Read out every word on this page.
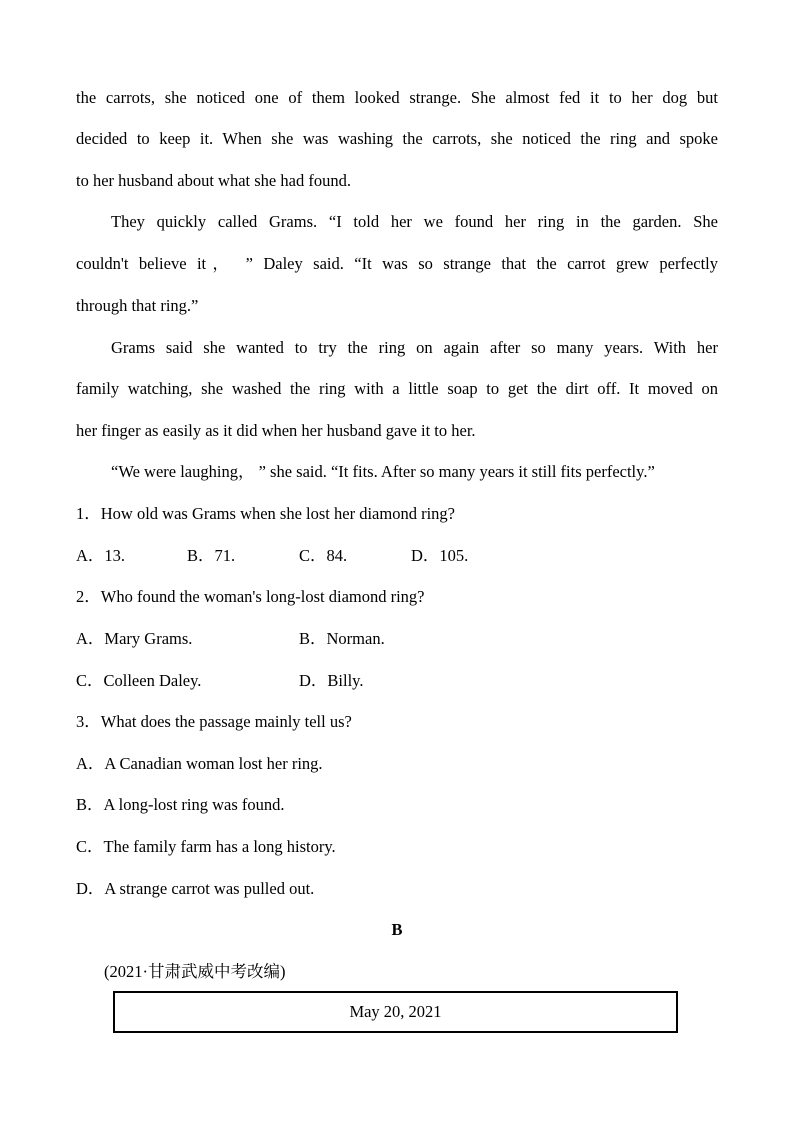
the carrots, she noticed one of them looked strange. She almost fed it to her dog but
decided to keep it. When she was washing the carrots, she noticed the ring and spoke
to her husband about what she had found.
They quickly called Grams. “I told her we found her ring in the garden. She
couldn't believe it， ” Daley said. “It was so strange that the carrot grew perfectly
through that ring.”
Grams said she wanted to try the ring on again after so many years. With her
family watching, she washed the ring with a little soap to get the dirt off. It moved on
her finger as easily as it did when her husband gave it to her.
“We were laughing， ” she said. “It fits. After so many years it still fits perfectly.”
1．How old was Grams when she lost her diamond ring?
A．13.	B．71.	C．84.	D．105.
2．Who found the woman's long-lost diamond ring?
A．Mary Grams.	B．Norman.
C．Colleen Daley.	D．Billy.
3．What does the passage mainly tell us?
A．A Canadian woman lost her ring.
B．A long-lost ring was found.
C．The family farm has a long history.
D．A strange carrot was pulled out.
B
(2021·甘肃武威中考改编)
May 20, 2021
